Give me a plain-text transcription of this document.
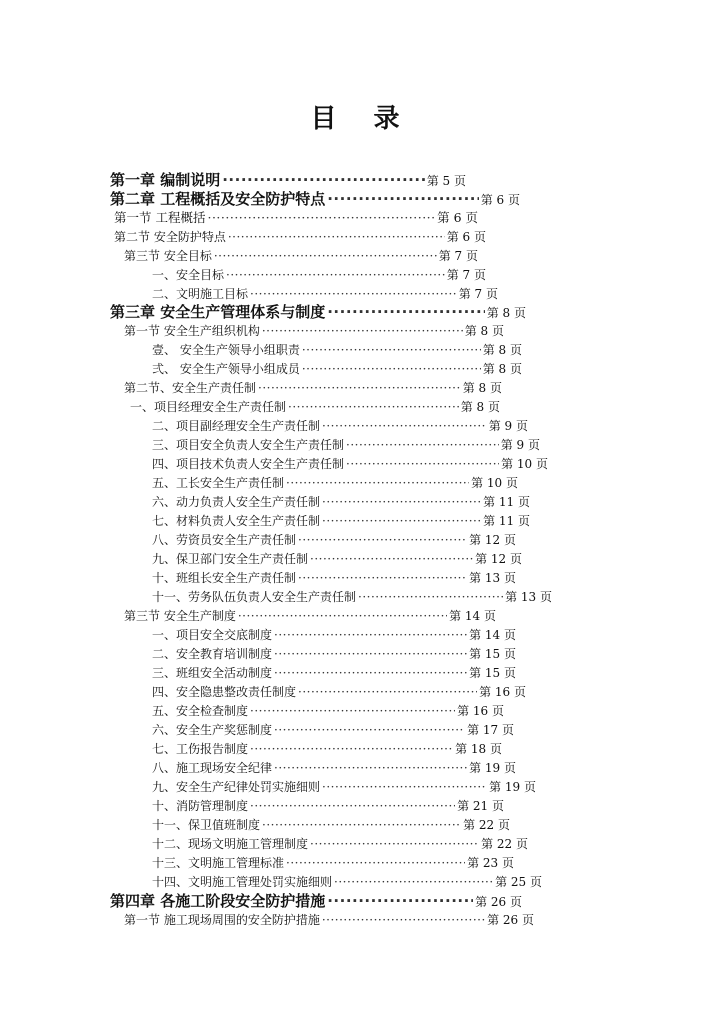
目 录
第一章 编制说明 ·····	第 5 页
第二章 工程概括及安全防护特点 ·····	第 6 页
第一节 工程概括 ·····	第 6 页
第二节 安全防护特点 ·····	第 6 页
第三节 安全目标 ·····	第 7 页
一、安全目标 ·····	第 7 页
二、文明施工目标 ·····	第 7 页
第三章 安全生产管理体系与制度 ·····	第 8 页
第一节 安全生产组织机构 ·····	第 8 页
壹、 安全生产领导小组职责 ·····	第 8 页
弍、 安全生产领导小组成员 ·····	第 8 页
第二节、安全生产责任制 ·····	第 8 页
一、项目经理安全生产责任制 ·····	第 8 页
二、项目副经理安全生产责任制 ·····	第 9 页
三、项目安全负责人安全生产责任制 ·····	第 9 页
四、项目技术负责人安全生产责任制 ·····	第 10 页
五、工长安全生产责任制 ·····	第 10 页
六、动力负责人安全生产责任制 ·····	第 11 页
七、材料负责人安全生产责任制 ·····	第 11 页
八、劳资员安全生产责任制 ·····	第 12 页
九、保卫部门安全生产责任制 ·····	第 12 页
十、班组长安全生产责任制 ·····	第 13 页
十一、劳务队伍负责人安全生产责任制 ·····	第 13 页
第三节 安全生产制度 ·····	第 14 页
一、项目安全交底制度 ·····	第 14 页
二、安全教育培训制度 ·····	第 15 页
三、班组安全活动制度 ·····	第 15 页
四、安全隐患整改责任制度 ·····	第 16 页
五、安全检查制度 ·····	第 16 页
六、安全生产奖惩制度 ·····	第 17 页
七、工伤报告制度 ·····	第 18 页
八、施工现场安全纪律 ·····	第 19 页
九、安全生产纪律处罚实施细则 ·····	第 19 页
十、消防管理制度 ·····	第 21 页
十一、保卫值班制度 ·····	第 22 页
十二、现场文明施工管理制度 ·····	第 22 页
十三、文明施工管理标准 ·····	第 23 页
十四、文明施工管理处罚实施细则 ·····	第 25 页
第四章 各施工阶段安全防护措施 ·····	第 26 页
第一节 施工现场周围的安全防护措施 ·····	第 26 页
